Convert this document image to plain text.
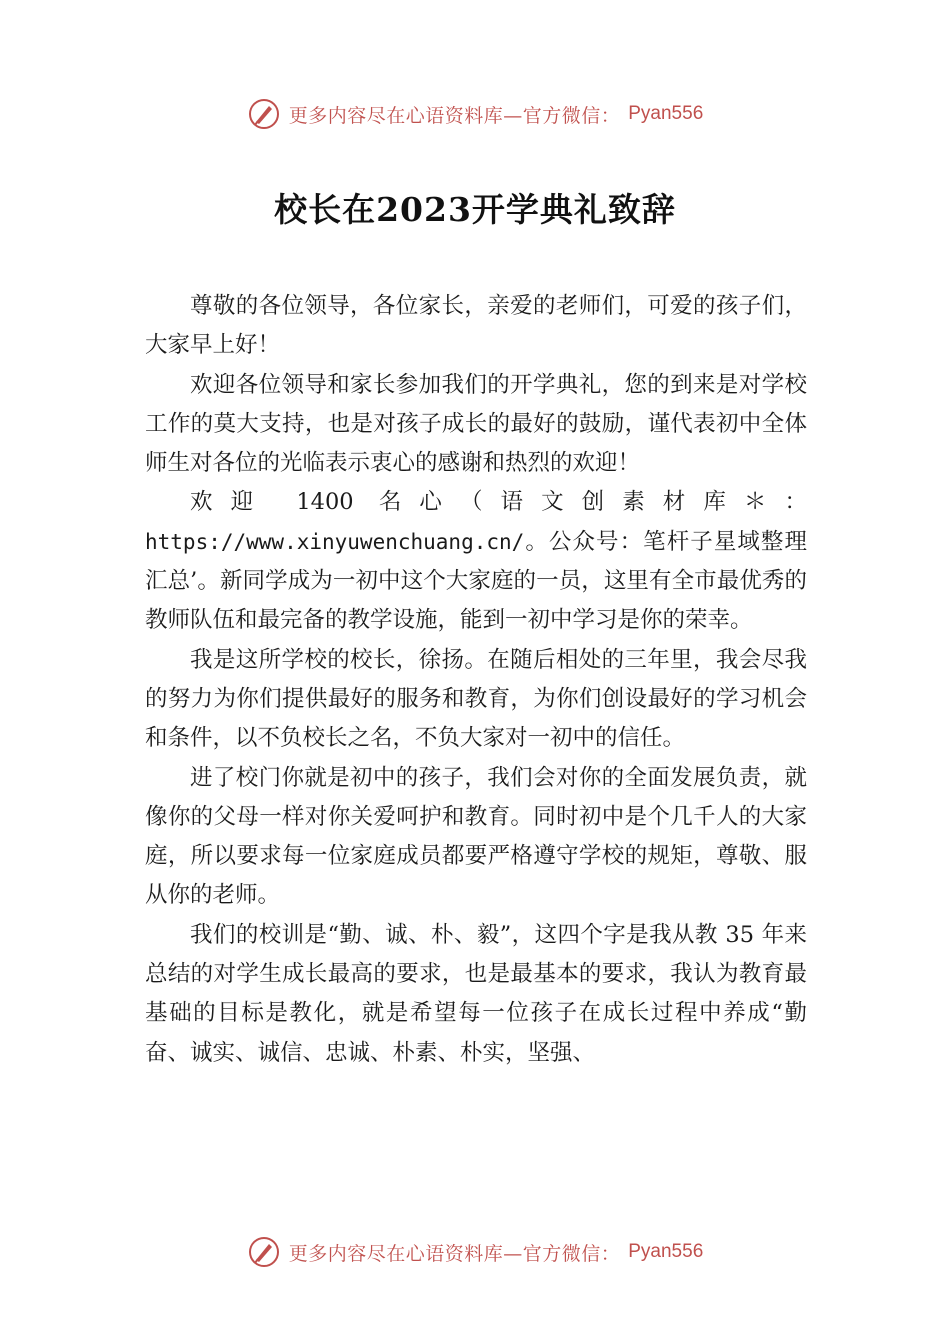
更多内容尽在心语资料库—官方微信： Pyan556
校长在2023开学典礼致辞

尊敬的各位领导，各位家长，亲爱的老师们，可爱的孩子们，大家早上好！

欢迎各位领导和家长参加我们的开学典礼，您的到来是对学校工作的莫大支持，也是对孩子成长的最好的鼓励，谨代表初中全体师生对各位的光临表示衷心的感谢和热烈的欢迎！

欢迎 1400 名心（语文创素材库＊：

https://www.xinyuwenchuang.cn/。公众号：笔杆子星域整理汇总’。新同学成为一初中这个大家庭的一员，这里有全市最优秀的教师队伍和最完备的教学设施，能到一初中学习是你的荣幸。

我是这所学校的校长，徐扬。在随后相处的三年里，我会尽我的努力为你们提供最好的服务和教育，为你们创设最好的学习机会和条件，以不负校长之名，不负大家对一初中的信任。

进了校门你就是初中的孩子，我们会对你的全面发展负责，就像你的父母一样对你关爱呵护和教育。同时初中是个几千人的大家庭，所以要求每一位家庭成员都要严格遵守学校的规矩，尊敬、服从你的老师。

我们的校训是“勤、诚、朴、毅”，这四个字是我从教 35 年来总结的对学生成长最高的要求，也是最基本的要求，我认为教育最基础的目标是教化，就是希望每一位孩子在成长过程中养成“勤奋、诚实、诚信、忠诚、朴素、朴实，坚强、

更多内容尽在心语资料库—官方微信： Pyan556
